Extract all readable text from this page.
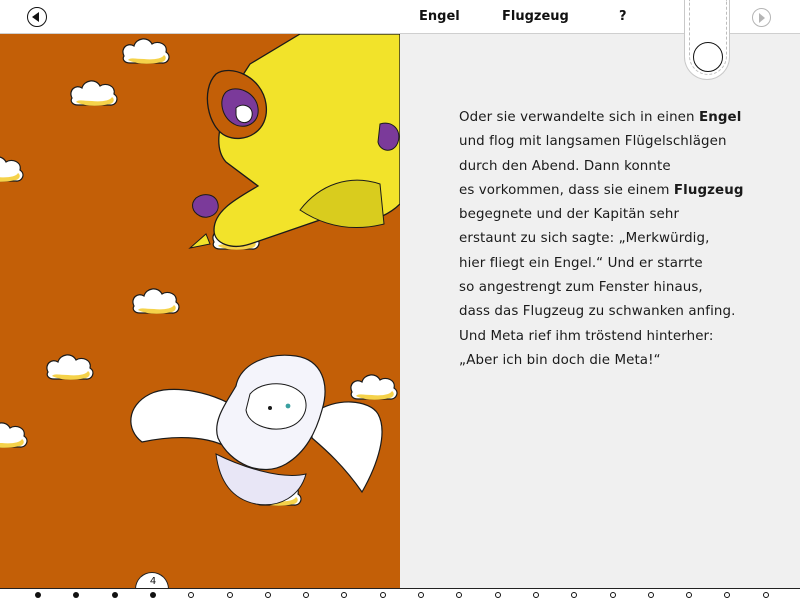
Engel	Flugzeug	?

Oder sie verwandelte sich in einen Engel
und flog mit langsamen Flügelschlägen
durch den Abend. Dann konnte
es vorkommen, dass sie einem Flugzeug
begegnete und der Kapitän sehr
erstaunt zu sich sagte: „Merkwürdig,
hier fliegt ein Engel.“ Und er starrte
so angestrengt zum Fenster hinaus,
dass das Flugzeug zu schwanken anfing.
Und Meta rief ihm tröstend hinterher:
„Aber ich bin doch die Meta!“

4
